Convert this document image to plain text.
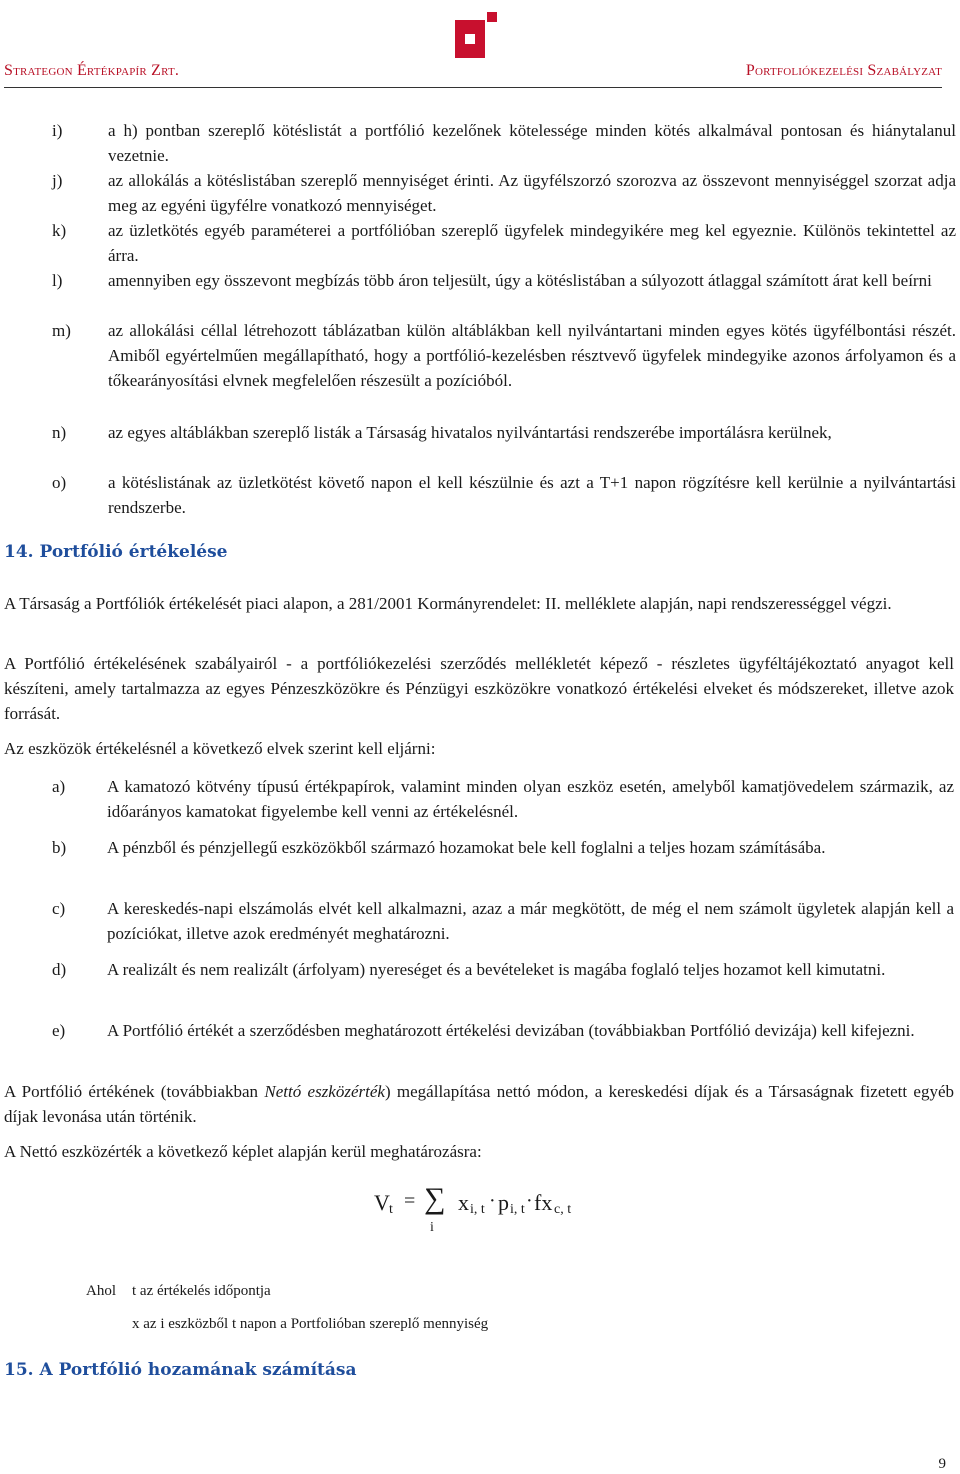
Strategon Értékpapír Zrt.	Portfoliókezelési Szabályzat
i)	a h) pontban szereplő kötéslistát a portfólió kezelőnek kötelessége minden kötés alkalmával pontosan és hiánytalanul vezetnie.
j)	az allokálás a kötéslistában szereplő mennyiséget érinti. Az ügyfélszorzó szorozva az összevont mennyiséggel szorzat adja meg az egyéni ügyfélre vonatkozó mennyiséget.
k)	az üzletkötés egyéb paraméterei a portfólióban szereplő ügyfelek mindegyikére meg kel egyeznie. Különös tekintettel az árra.
l)	amennyiben egy összevont megbízás több áron teljesült, úgy a kötéslistában a súlyozott átlaggal számított árat kell beírni
m)	az allokálási céllal létrehozott táblázatban külön altáblákban kell nyilvántartani minden egyes kötés ügyfélbontási részét. Amiből egyértelműen megállapítható, hogy a portfólió-kezelésben résztvevő ügyfelek mindegyike azonos árfolyamon és a tőkearányosítási elvnek megfelelően részesült a pozícióból.
n)	az egyes altáblákban szereplő listák a Társaság hivatalos nyilvántartási rendszerébe importálásra kerülnek,
o)	a kötéslistának az üzletkötést követő napon el kell készülnie és azt a T+1 napon rögzítésre kell kerülnie a nyilvántartási rendszerbe.
14. Portfólió értékelése
A Társaság a Portfóliók értékelését piaci alapon, a 281/2001 Kormányrendelet: II. melléklete alapján, napi rendszerességgel végzi.
A Portfólió értékelésének szabályairól - a portfóliókezelési szerződés mellékletét képező - részletes ügyféltájékoztató anyagot kell készíteni, amely tartalmazza az egyes Pénzeszközökre és Pénzügyi eszközökre vonatkozó értékelési elveket és módszereket, illetve azok forrását.
Az eszközök értékelésnél a következő elvek szerint kell eljárni:
a)	A kamatozó kötvény típusú értékpapírok, valamint minden olyan eszköz esetén, amelyből kamatjövedelem származik, az időarányos kamatokat figyelembe kell venni az értékelésnél.
b)	A pénzből és pénzjellegű eszközökből származó hozamokat bele kell foglalni a teljes hozam számításába.
c)	A kereskedés-napi elszámolás elvét kell alkalmazni, azaz a már megkötött, de még el nem számolt ügyletek alapján kell a pozíciókat, illetve azok eredményét meghatározni.
d)	A realizált és nem realizált (árfolyam) nyereséget és a bevételeket is magába foglaló teljes hozamot kell kimutatni.
e)	A Portfólió értékét a szerződésben meghatározott értékelési devizában (továbbiakban Portfólió devizája) kell kifejezni.
A Portfólió értékének (továbbiakban Nettó eszközérték) megállapítása nettó módon, a kereskedési díjak és a Társaságnak fizetett egyéb díjak levonása után történik.
A Nettó eszközérték a következő képlet alapján kerül meghatározásra:
V t = ∑
i
x i, t · p i, t · fx c, t
Ahol t az értékelés időpontja
x az i eszközből t napon a Portfolióban szereplő mennyiség
15. A Portfólió hozamának számítása
9
